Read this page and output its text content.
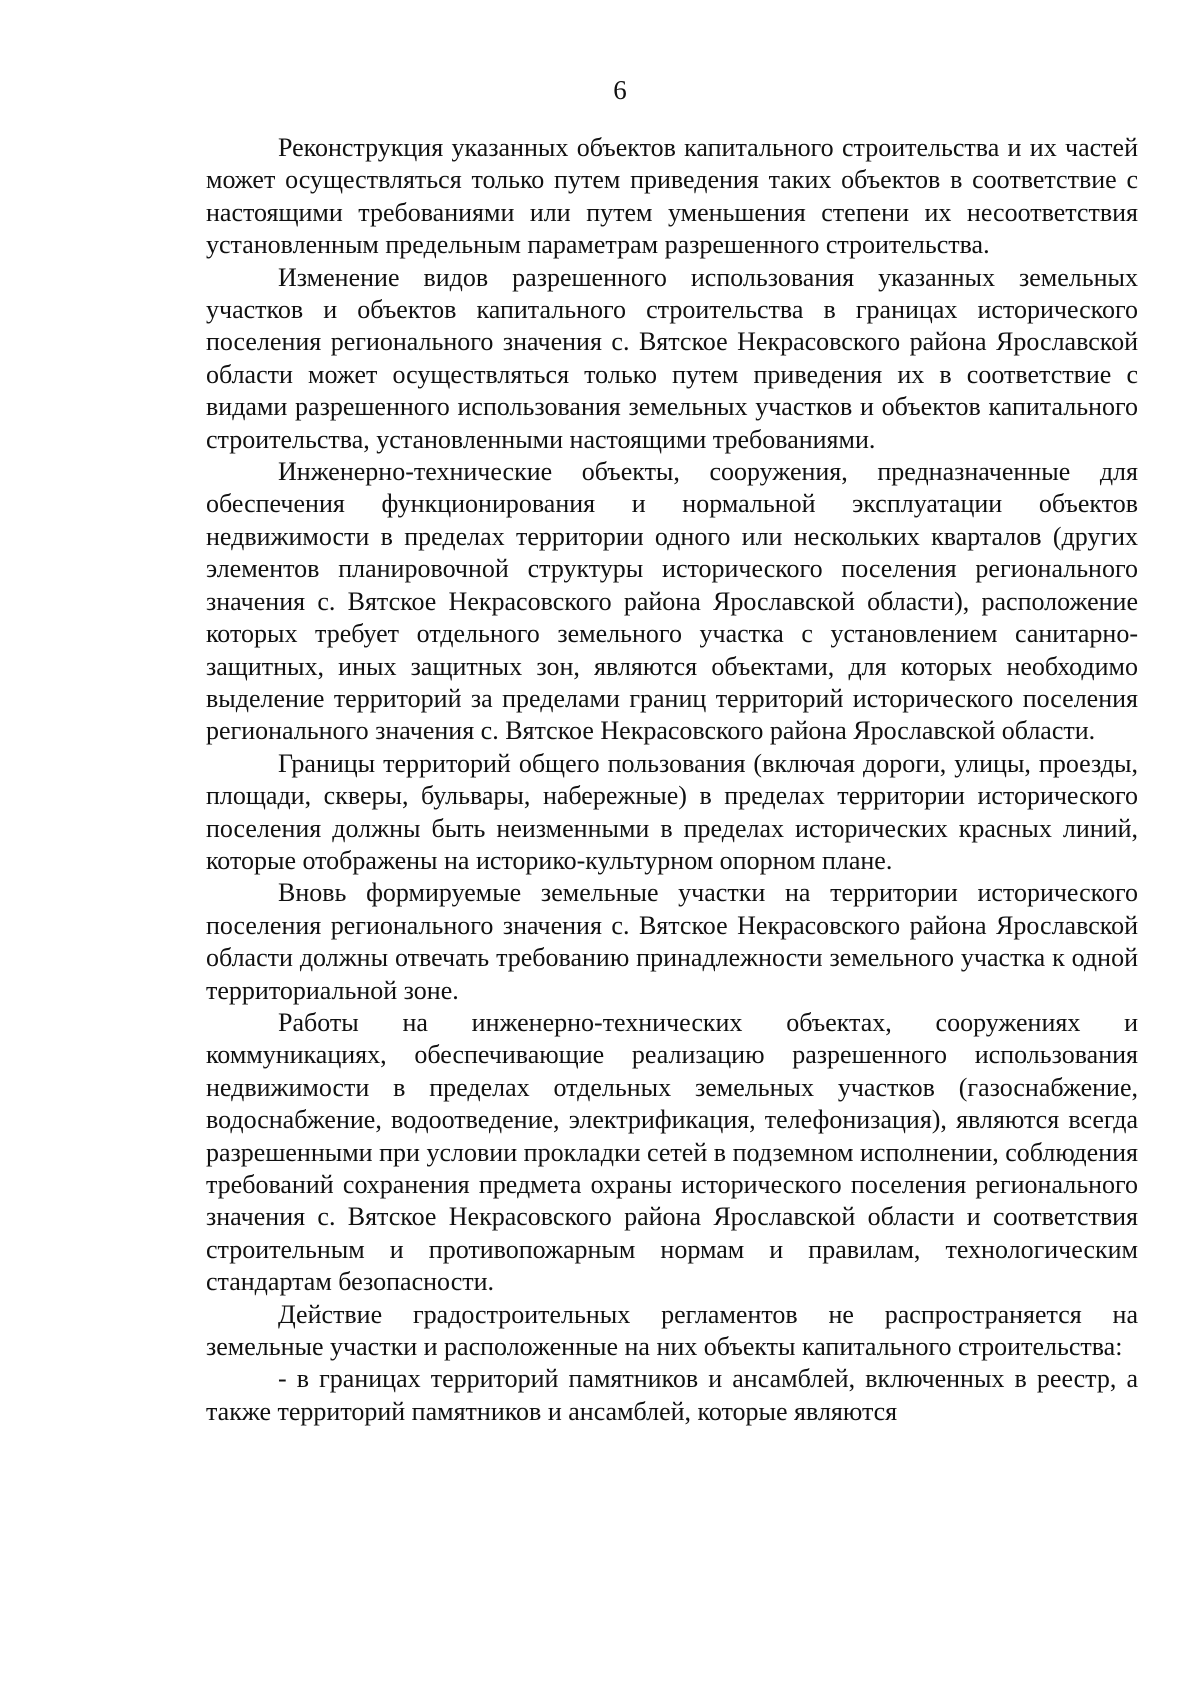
6

Реконструкция указанных объектов капитального строительства и их частей может осуществляться только путем приведения таких объектов в соответствие с настоящими требованиями или путем уменьшения степени их несоответствия установленным предельным параметрам разрешенного строительства.

Изменение видов разрешенного использования указанных земельных участков и объектов капитального строительства в границах исторического поселения регионального значения с. Вятское Некрасовского района Ярославской области может осуществляться только путем приведения их в соответствие с видами разрешенного использования земельных участков и объектов капитального строительства, установленными настоящими требованиями.

Инженерно-технические объекты, сооружения, предназначенные для обеспечения функционирования и нормальной эксплуатации объектов недвижимости в пределах территории одного или нескольких кварталов (других элементов планировочной структуры исторического поселения регионального значения с. Вятское Некрасовского района Ярославской области), расположение которых требует отдельного земельного участка с установлением санитарно-защитных, иных защитных зон, являются объектами, для которых необходимо выделение территорий за пределами границ территорий исторического поселения регионального значения с. Вятское Некрасовского района Ярославской области.

Границы территорий общего пользования (включая дороги, улицы, проезды, площади, скверы, бульвары, набережные) в пределах территории исторического поселения должны быть неизменными в пределах исторических красных линий, которые отображены на историко-культурном опорном плане.

Вновь формируемые земельные участки на территории исторического поселения регионального значения с. Вятское Некрасовского района Ярославской области должны отвечать требованию принадлежности земельного участка к одной территориальной зоне.

Работы на инженерно-технических объектах, сооружениях и коммуникациях, обеспечивающие реализацию разрешенного использования недвижимости в пределах отдельных земельных участков (газоснабжение, водоснабжение, водоотведение, электрификация, телефонизация), являются всегда разрешенными при условии прокладки сетей в подземном исполнении, соблюдения требований сохранения предмета охраны исторического поселения регионального значения с. Вятское Некрасовского района Ярославской области и соответствия строительным и противопожарным нормам и правилам, технологическим стандартам безопасности.

Действие градостроительных регламентов не распространяется на земельные участки и расположенные на них объекты капитального строительства:

- в границах территорий памятников и ансамблей, включенных в реестр, а также территорий памятников и ансамблей, которые являются
